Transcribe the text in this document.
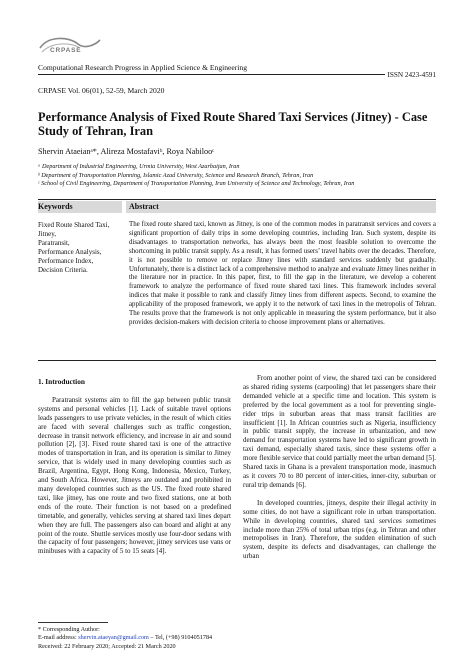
CRPASE
Computational Research Progress in Applied Science & Engineering
ISSN 2423-4591
CRPASE Vol. 06(01), 52-59, March 2020
Performance Analysis of Fixed Route Shared Taxi Services (Jitney) - Case Study of Tehran, Iran
Shervin Ataeianᵃ*, Alireza Mostafaviᵇ, Roya Nabilooᶜ
ᵃ Department of Industrial Engineering, Urmia University, West Azarbaijan, Iran
ᵇ Department of Transportation Planning, Islamic Azad University, Science and Research Branch, Tehran, Iran
ᶜ School of Civil Engineering, Department of Transportation Planning, Iran University of Science and Technology, Tehran, Iran
Keywords	Abstract
Fixed Route Shared Taxi,
Jitney,
Paratransit,
Performance Analysis,
Performance Index,
Decision Criteria.
The fixed route shared taxi, known as Jitney, is one of the common modes in paratransit services and covers a significant proportion of daily trips in some developing countries, including Iran. Such system, despite its disadvantages to transportation networks, has always been the most feasible solution to overcome the shortcoming in public transit supply. As a result, it has formed users’ travel habits over the decades. Therefore, it is not possible to remove or replace Jitney lines with standard services suddenly but gradually. Unfortunately, there is a distinct lack of a comprehensive method to analyze and evaluate Jitney lines neither in the literature nor in practice. In this paper, first, to fill the gap in the literature, we develop a coherent framework to analyze the performance of fixed route shared taxi lines. This framework includes several indices that make it possible to rank and classify Jitney lines from different aspects. Second, to examine the applicability of the proposed framework, we apply it to the network of taxi lines in the metropolis of Tehran. The results prove that the framework is not only applicable in measuring the system performance, but it also provides decision-makers with decision criteria to choose improvement plans or alternatives.
1. Introduction

Paratransit systems aim to fill the gap between public transit systems and personal vehicles [1]. Lack of suitable travel options leads passengers to use private vehicles, in the result of which cities are faced with several challenges such as traffic congestion, decrease in transit network efficiency, and increase in air and sound pollution [2], [3]. Fixed route shared taxi is one of the attractive modes of transportation in Iran, and its operation is similar to Jitney service, that is widely used in many developing counties such as Brazil, Argentina, Egypt, Hong Kong, Indonesia, Mexico, Turkey, and South Africa. However, Jitneys are outdated and prohibited in many developed countries such as the US. The fixed route shared taxi, like jitney, has one route and two fixed stations, one at both ends of the route. Their function is not based on a predefined timetable, and generally, vehicles serving at shared taxi lines depart when they are full. The passengers also can board and alight at any point of the route. Shuttle services mostly use four-door sedans with the capacity of four passengers; however, jitney services use vans or minibuses with a capacity of 5 to 15 seats [4].

From another point of view, the shared taxi can be considered as shared riding systems (carpooling) that let passengers share their demanded vehicle at a specific time and location. This system is preferred by the local government as a tool for preventing single-rider trips in suburban areas that mass transit facilities are insufficient [1]. In African countries such as Nigeria, insufficiency in public transit supply, the increase in urbanization, and new demand for transportation systems have led to significant growth in taxi demand, especially shared taxis, since these systems offer a more flexible service that could partially meet the urban demand [5]. Shared taxis in Ghana is a prevalent transportation mode, inasmuch as it covers 70 to 80 percent of inter-cities, inner-city, suburban or rural trip demands [6].

In developed countries, jitneys, despite their illegal activity in some cities, do not have a significant role in urban transportation. While in developing countries, shared taxi services sometimes include more than 25% of total urban trips (e.g. in Tehran and other metropolises in Iran). Therefore, the sudden elimination of such system, despite its defects and disadvantages, can challenge the urban

* Corresponding Author:
E-mail address: shervin.ataeyan@gmail.com – Tel, (+98) 9104051784
Received: 22 February 2020; Accepted: 21 March 2020
